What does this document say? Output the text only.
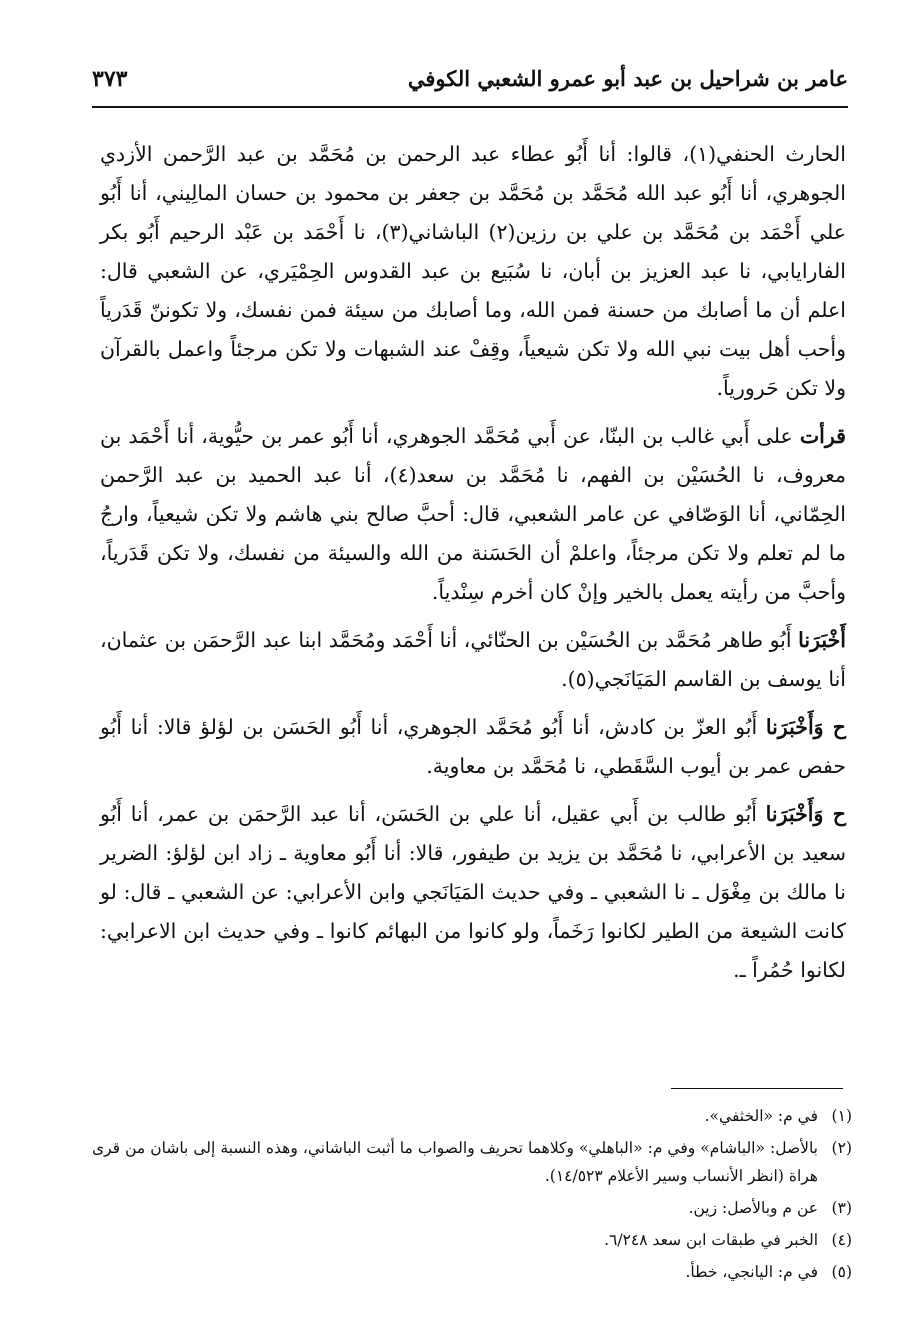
عامر بن شراحيل بن عبد أبو عمرو الشعبي الكوفي
٣٧٣

الحارث الحنفي(١)، قالوا: أنا أَبُو عطاء عبد الرحمن بن مُحَمَّد بن عبد الرَّحمن الأزدي الجوهري، أنا أَبُو عبد الله مُحَمَّد بن مُحَمَّد بن جعفر بن محمود بن حسان المالِيني، أنا أَبُو علي أَحْمَد بن مُحَمَّد بن علي بن رزين(٢) الباشاني(٣)، نا أَحْمَد بن عَبْد الرحيم أَبُو بكر الفارايابي، نا عبد العزيز بن أبان، نا سُبَيع بن عبد القدوس الحِمْيَري، عن الشعبي قال: اعلم أن ما أصابك من حسنة فمن الله، وما أصابك من سيئة فمن نفسك، ولا تكوننّ قَدَرياً وأحب أهل بيت نبي الله ولا تكن شيعياً، وقِفْ عند الشبهات ولا تكن مرجئاً واعمل بالقرآن ولا تكن حَرورياً.

قرأت على أَبي غالب بن البنّا، عن أَبي مُحَمَّد الجوهري، أنا أَبُو عمر بن حيُّوية، أنا أَحْمَد بن معروف، نا الحُسَيْن بن الفهم، نا مُحَمَّد بن سعد(٤)، أنا عبد الحميد بن عبد الرَّحمن الحِمّاني، أنا الوَصّافي عن عامر الشعبي، قال: أحبَّ صالح بني هاشم ولا تكن شيعياً، وارجُ ما لم تعلم ولا تكن مرجئاً، واعلمْ أن الحَسَنة من الله والسيئة من نفسك، ولا تكن قَدَرياً، وأحبَّ من رأيته يعمل بالخير وإنْ كان أخرم سِنْدياً.

أَخْبَرَنا أَبُو طاهر مُحَمَّد بن الحُسَيْن بن الحنّائي، أنا أَحْمَد ومُحَمَّد ابنا عبد الرَّحمَن بن عثمان، أنا يوسف بن القاسم المَيَانَجي(٥).

ح وَأَخْبَرَنا أَبُو العزّ بن كادش، أنا أَبُو مُحَمَّد الجوهري، أنا أَبُو الحَسَن بن لؤلؤ قالا: أنا أَبُو حفص عمر بن أيوب السَّقَطي، نا مُحَمَّد بن معاوية.

ح وَأَخْبَرَنا أَبُو طالب بن أَبي عقيل، أنا علي بن الحَسَن، أنا عبد الرَّحمَن بن عمر، أنا أَبُو سعيد بن الأعرابي، نا مُحَمَّد بن يزيد بن طيفور، قالا: أنا أَبُو معاوية ـ زاد ابن لؤلؤ: الضرير نا مالك بن مِغْوَل ـ نا الشعبي ـ وفي حديث المَيَانَجي وابن الأعرابي: عن الشعبي ـ قال: لو كانت الشيعة من الطير لكانوا رَخَماً، ولو كانوا من البهائم كانوا ـ وفي حديث ابن الاعرابي: لكانوا حُمُراً ـ.

(١)
في م: «الخثفي».
(٢)
بالأصل: «الباشام» وفي م: «الباهلي» وكلاهما تحريف والصواب ما أثبت الباشاني، وهذه النسبة إلى باشان من قرى هراة (انظر الأنساب وسير الأعلام ١٤/٥٢٣).
(٣)
عن م وبالأصل: زين.
(٤)
الخبر في طبقات ابن سعد ٦/٢٤٨.
(٥)
في م: اليانجي، خطأ.
